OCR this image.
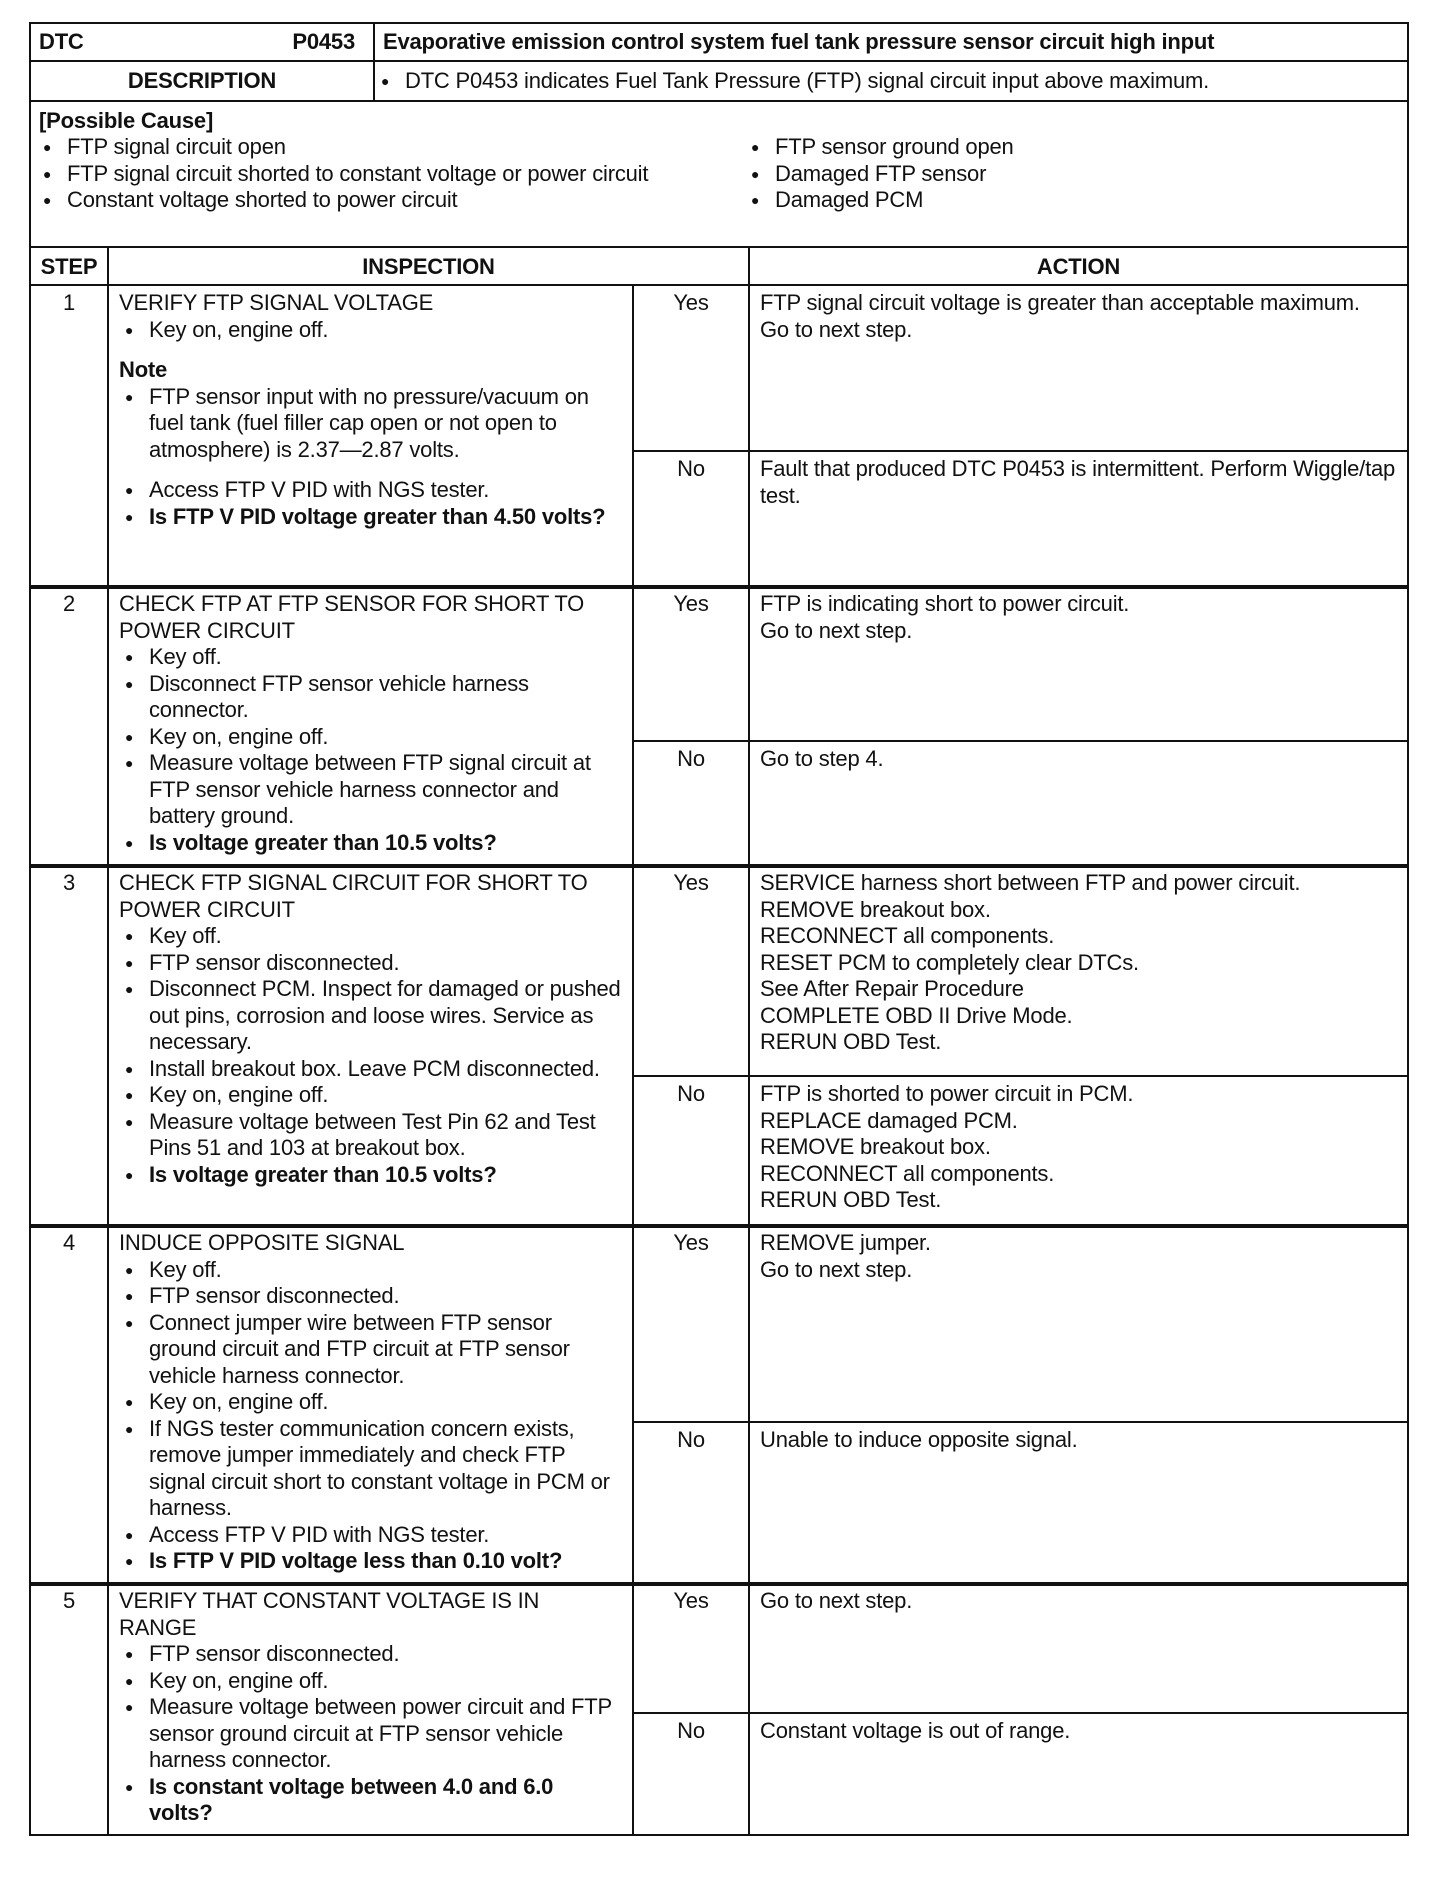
DTC	P0453 Evaporative emission control system fuel tank pressure sensor circuit high input
DESCRIPTION	● DTC P0453 indicates Fuel Tank Pressure (FTP) signal circuit input above maximum.
[Possible Cause]
● FTP signal circuit open
● FTP signal circuit shorted to constant voltage or power circuit
● Constant voltage shorted to power circuit
● FTP sensor ground open
● Damaged FTP sensor
● Damaged PCM
STEP	INSPECTION	ACTION
1	VERIFY FTP SIGNAL VOLTAGE
● Key on, engine off.
Note
● FTP sensor input with no pressure/vacuum on fuel tank (fuel filler cap open or not open to atmosphere) is 2.37—2.87 volts.
● Access FTP V PID with NGS tester.
● Is FTP V PID voltage greater than 4.50 volts?
Yes	FTP signal circuit voltage is greater than acceptable maximum.
Go to next step.
No	Fault that produced DTC P0453 is intermittent. Perform Wiggle/tap test.
2	CHECK FTP AT FTP SENSOR FOR SHORT TO POWER CIRCUIT
● Key off.
● Disconnect FTP sensor vehicle harness connector.
● Key on, engine off.
● Measure voltage between FTP signal circuit at FTP sensor vehicle harness connector and battery ground.
● Is voltage greater than 10.5 volts?
Yes	FTP is indicating short to power circuit.
Go to next step.
No	Go to step 4.
3	CHECK FTP SIGNAL CIRCUIT FOR SHORT TO POWER CIRCUIT
● Key off.
● FTP sensor disconnected.
● Disconnect PCM. Inspect for damaged or pushed out pins, corrosion and loose wires. Service as necessary.
● Install breakout box. Leave PCM disconnected.
● Key on, engine off.
● Measure voltage between Test Pin 62 and Test Pins 51 and 103 at breakout box.
● Is voltage greater than 10.5 volts?
Yes	SERVICE harness short between FTP and power circuit.
REMOVE breakout box.
RECONNECT all components.
RESET PCM to completely clear DTCs.
See After Repair Procedure
COMPLETE OBD II Drive Mode.
RERUN OBD Test.
No	FTP is shorted to power circuit in PCM.
REPLACE damaged PCM.
REMOVE breakout box.
RECONNECT all components.
RERUN OBD Test.
4	INDUCE OPPOSITE SIGNAL
● Key off.
● FTP sensor disconnected.
● Connect jumper wire between FTP sensor ground circuit and FTP circuit at FTP sensor vehicle harness connector.
● Key on, engine off.
● If NGS tester communication concern exists, remove jumper immediately and check FTP signal circuit short to constant voltage in PCM or harness.
● Access FTP V PID with NGS tester.
● Is FTP V PID voltage less than 0.10 volt?
Yes	REMOVE jumper.
Go to next step.
No	Unable to induce opposite signal.
5	VERIFY THAT CONSTANT VOLTAGE IS IN RANGE
● FTP sensor disconnected.
● Key on, engine off.
● Measure voltage between power circuit and FTP sensor ground circuit at FTP sensor vehicle harness connector.
● Is constant voltage between 4.0 and 6.0 volts?
Yes	Go to next step.
No	Constant voltage is out of range.
